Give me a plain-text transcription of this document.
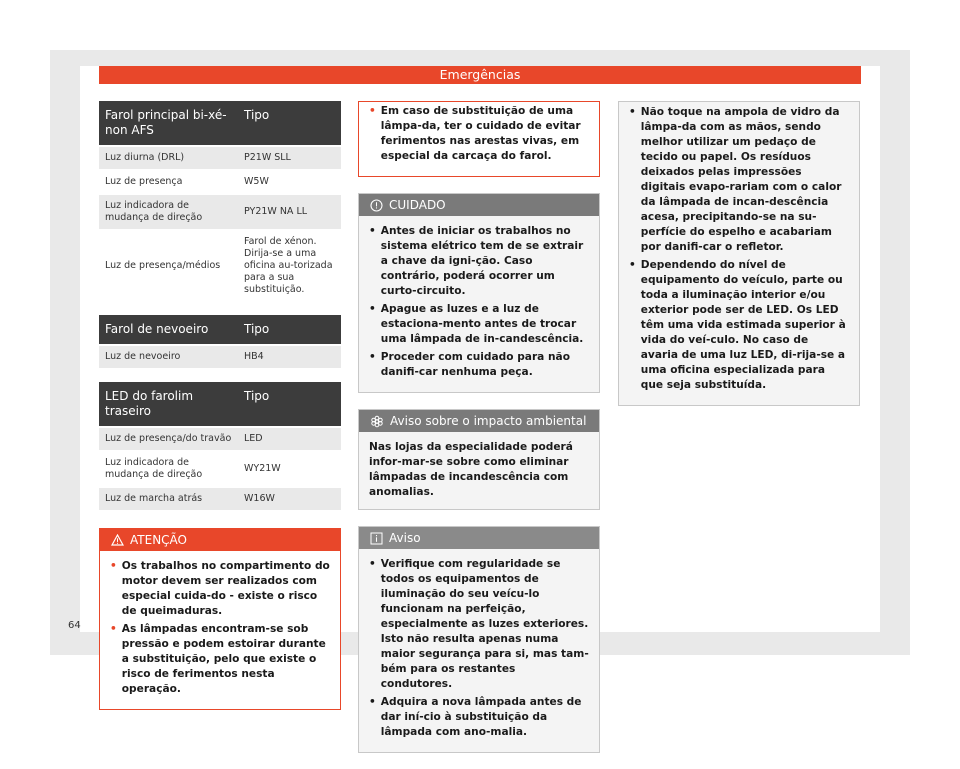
Emergências
Farol principal bi-xé-non AFS	Tipo
Luz diurna (DRL)	P21W SLL
Luz de presença	W5W
Luz indicadora de mudança de direção	PY21W NA LL
Luz de presença/médios	Farol de xénon. Dirija-se a uma oficina au-torizada para a sua substituição.
Farol de nevoeiro	Tipo
Luz de nevoeiro	HB4
LED do farolim traseiro	Tipo
Luz de presença/do travão	LED
Luz indicadora de mudança de direção	WY21W
Luz de marcha atrás	W16W
ATENÇÃO
• Os trabalhos no compartimento do motor devem ser realizados com especial cuida-do - existe o risco de queimaduras.
• As lâmpadas encontram-se sob pressão e podem estoirar durante a substituição, pelo que existe o risco de ferimentos nesta operação.
• Em caso de substituição de uma lâmpa-da, ter o cuidado de evitar ferimentos nas arestas vivas, em especial da carcaça do farol.
CUIDADO
• Antes de iniciar os trabalhos no sistema elétrico tem de se extrair a chave da igni-ção. Caso contrário, poderá ocorrer um curto-circuito.
• Apague as luzes e a luz de estaciona-mento antes de trocar uma lâmpada de in-candescência.
• Proceder com cuidado para não danifi-car nenhuma peça.
Aviso sobre o impacto ambiental
Nas lojas da especialidade poderá infor-mar-se sobre como eliminar lâmpadas de incandescência com anomalias.
Aviso
• Verifique com regularidade se todos os equipamentos de iluminação do seu veícu-lo funcionam na perfeição, especialmente as luzes exteriores. Isto não resulta apenas numa maior segurança para si, mas tam-bém para os restantes condutores.
• Adquira a nova lâmpada antes de dar iní-cio à substituição da lâmpada com ano-malia.
• Não toque na ampola de vidro da lâmpa-da com as mãos, sendo melhor utilizar um pedaço de tecido ou papel. Os resíduos deixados pelas impressões digitais evapo-rariam com o calor da lâmpada de incan-descência acesa, precipitando-se na su-perfície do espelho e acabariam por danifi-car o refletor.
• Dependendo do nível de equipamento do veículo, parte ou toda a iluminação interior e/ou exterior pode ser de LED. Os LED têm uma vida estimada superior à vida do veí-culo. No caso de avaria de uma luz LED, di-rija-se a uma oficina especializada para que seja substituída.
64
